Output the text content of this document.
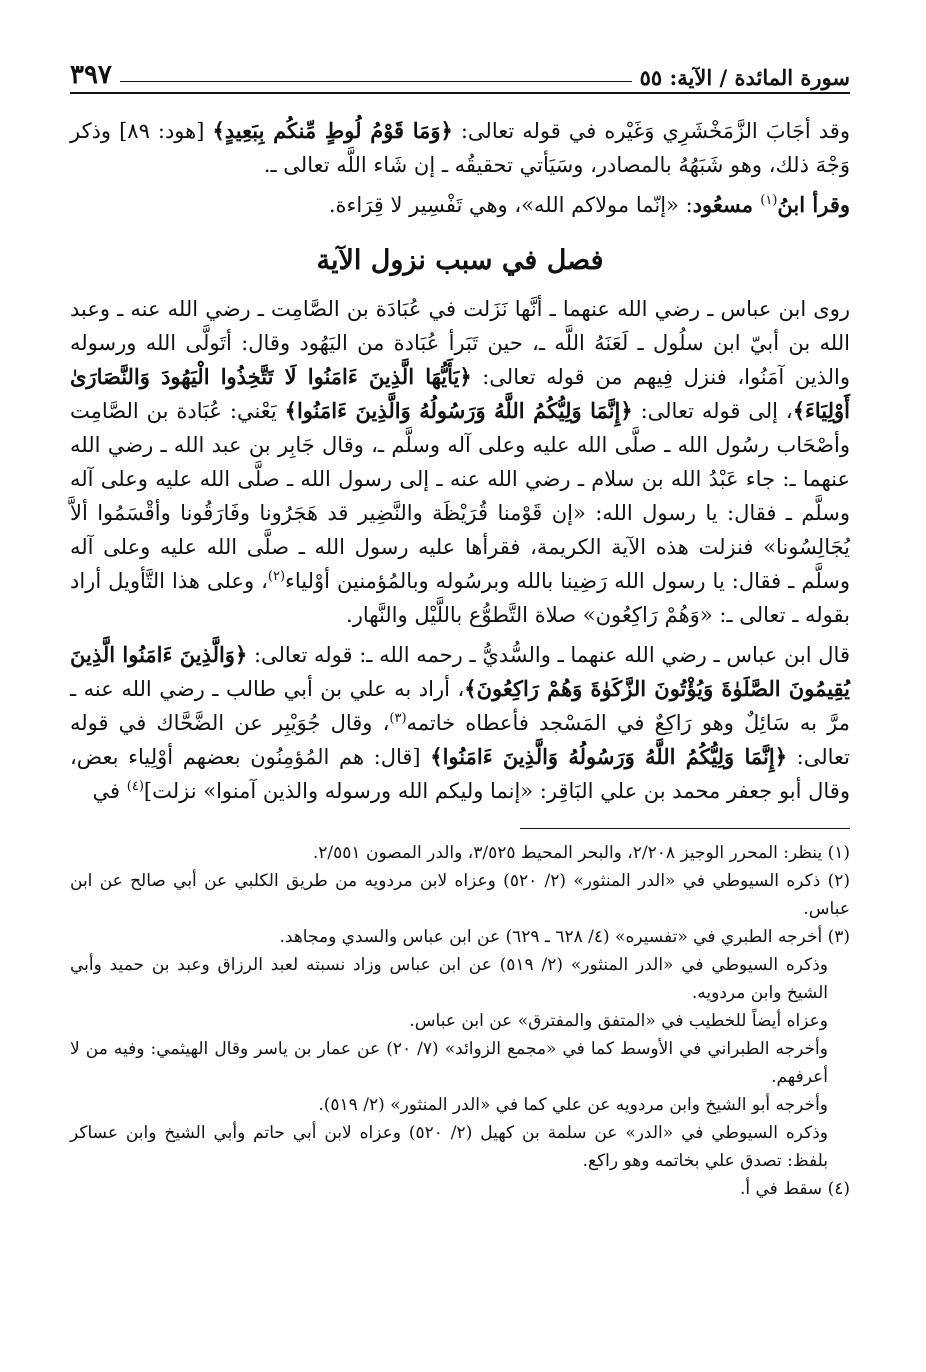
سورة المائدة / الآية: ٥٥
٣٩٧

وقد أجَابَ الزَّمَخْشَرِي وَغَيْره في قوله تعالى: ﴿وَمَا قَوْمُ لُوطٍ مِّنكُم بِبَعِيدٍ﴾ [هود: ٨٩] وذكر وَجْهَ ذلك، وهو شَبَهُهُ بالمصادر، وسَيَأتي تحقيقُه ـ إن شَاء اللَّه تعالى ـ.

وقرأ ابنُ$^{(١)}$ مسعُود: «إنّما مولاكم الله»، وهي تَفْسِير لا قِرَاءة.

فصل في سبب نزول الآية

روى ابن عباس ـ رضي الله عنهما ـ أنَّها نَزَلت في عُبَادَة بن الصَّامِت ـ رضي الله عنه ـ وعبد الله بن أبيّ ابن سلُول ـ لَعَنَهُ اللَّه ـ، حين تَبَرأ عُبَادة من اليَهُود وقال: أتَولَّى الله ورسوله والذين آمَنُوا، فنزل فِيهم من قوله تعالى: ﴿يَأَيُّهَا الَّذِينَ ءَامَنُوا لَا تَتَّخِذُوا الْيَهُودَ وَالنَّصَارَىٰ أَوْلِيَاءَ﴾، إلى قوله تعالى: ﴿إِنَّمَا وَلِيُّكُمُ اللَّهُ وَرَسُولُهُ وَالَّذِينَ ءَامَنُوا﴾ يَعْني: عُبَادة بن الصَّامِت وأصْحَاب رسُول الله ـ صلَّى الله عليه وعلى آله وسلَّم ـ، وقال جَابِر بن عبد الله ـ رضي الله عنهما ـ: جاء عَبْدُ الله بن سلام ـ رضي الله عنه ـ إلى رسول الله ـ صلَّى الله عليه وعلى آله وسلَّم ـ فقال: يا رسول الله: «إن قَوْمنا قُرَيْظَة والنَّضِير قد هَجَرُونا وفَارَقُونا وأقْسَمُوا ألاَّ يُجَالِسُونا» فنزلت هذه الآية الكريمة، فقرأها عليه رسول الله ـ صلَّى الله عليه وعلى آله وسلَّم ـ فقال: يا رسول الله رَضِينا بالله وبرسُوله وبالمُؤمنين أوْلياء$^{(٢)}$، وعلى هذا التَّأويل أراد بقوله ـ تعالى ـ: «وَهُمْ رَاكِعُون» صلاة التَّطوُّع باللَّيْل والنَّهار.

قال ابن عباس ـ رضي الله عنهما ـ والسُّديُّ ـ رحمه الله ـ: قوله تعالى: ﴿وَالَّذِينَ ءَامَنُوا الَّذِينَ يُقِيمُونَ الصَّلَوٰةَ وَيُؤْتُونَ الزَّكَوٰةَ وَهُمْ رَاكِعُونَ﴾، أراد به علي بن أبي طالب ـ رضي الله عنه ـ مرَّ به سَائِلٌ وهو رَاكِعٌ في المَسْجد فأعطاه خاتمه$^{(٣)}$، وقال جُوَيْبِر عن الضَّحَّاك في قوله تعالى: ﴿إِنَّمَا وَلِيُّكُمُ اللَّهُ وَرَسُولُهُ وَالَّذِينَ ءَامَنُوا﴾ [قال: هم المُؤمِنُون بعضهم أوْلِياء بعض، وقال أبو جعفر محمد بن علي البَاقِر: «إنما وليكم الله ورسوله والذين آمنوا» نزلت]$^{(٤)}$ في

(١) ينظر: المحرر الوجيز ٢/٢٠٨، والبحر المحيط ٣/٥٢٥، والدر المصون ٢/٥٥١.

(٢) ذكره السيوطي في «الدر المنثور» (٢/ ٥٢٠) وعزاه لابن مردويه من طريق الكلبي عن أبي صالح عن ابن عباس.

(٣) أخرجه الطبري في «تفسيره» (٤/ ٦٢٨ ـ ٦٢٩) عن ابن عباس والسدي ومجاهد.

وذكره السيوطي في «الدر المنثور» (٢/ ٥١٩) عن ابن عباس وزاد نسبته لعبد الرزاق وعبد بن حميد وأبي الشيخ وابن مردويه.

وعزاه أيضاً للخطيب في «المتفق والمفترق» عن ابن عباس.

وأخرجه الطبراني في الأوسط كما في «مجمع الزوائد» (٧/ ٢٠) عن عمار بن ياسر وقال الهيثمي: وفيه من لا أعرفهم.

وأخرجه أبو الشيخ وابن مردويه عن علي كما في «الدر المنثور» (٢/ ٥١٩).

وذكره السيوطي في «الدر» عن سلمة بن كهيل (٢/ ٥٢٠) وعزاه لابن أبي حاتم وأبي الشيخ وابن عساكر بلفظ: تصدق علي بخاتمه وهو راكع.

(٤) سقط في أ.
